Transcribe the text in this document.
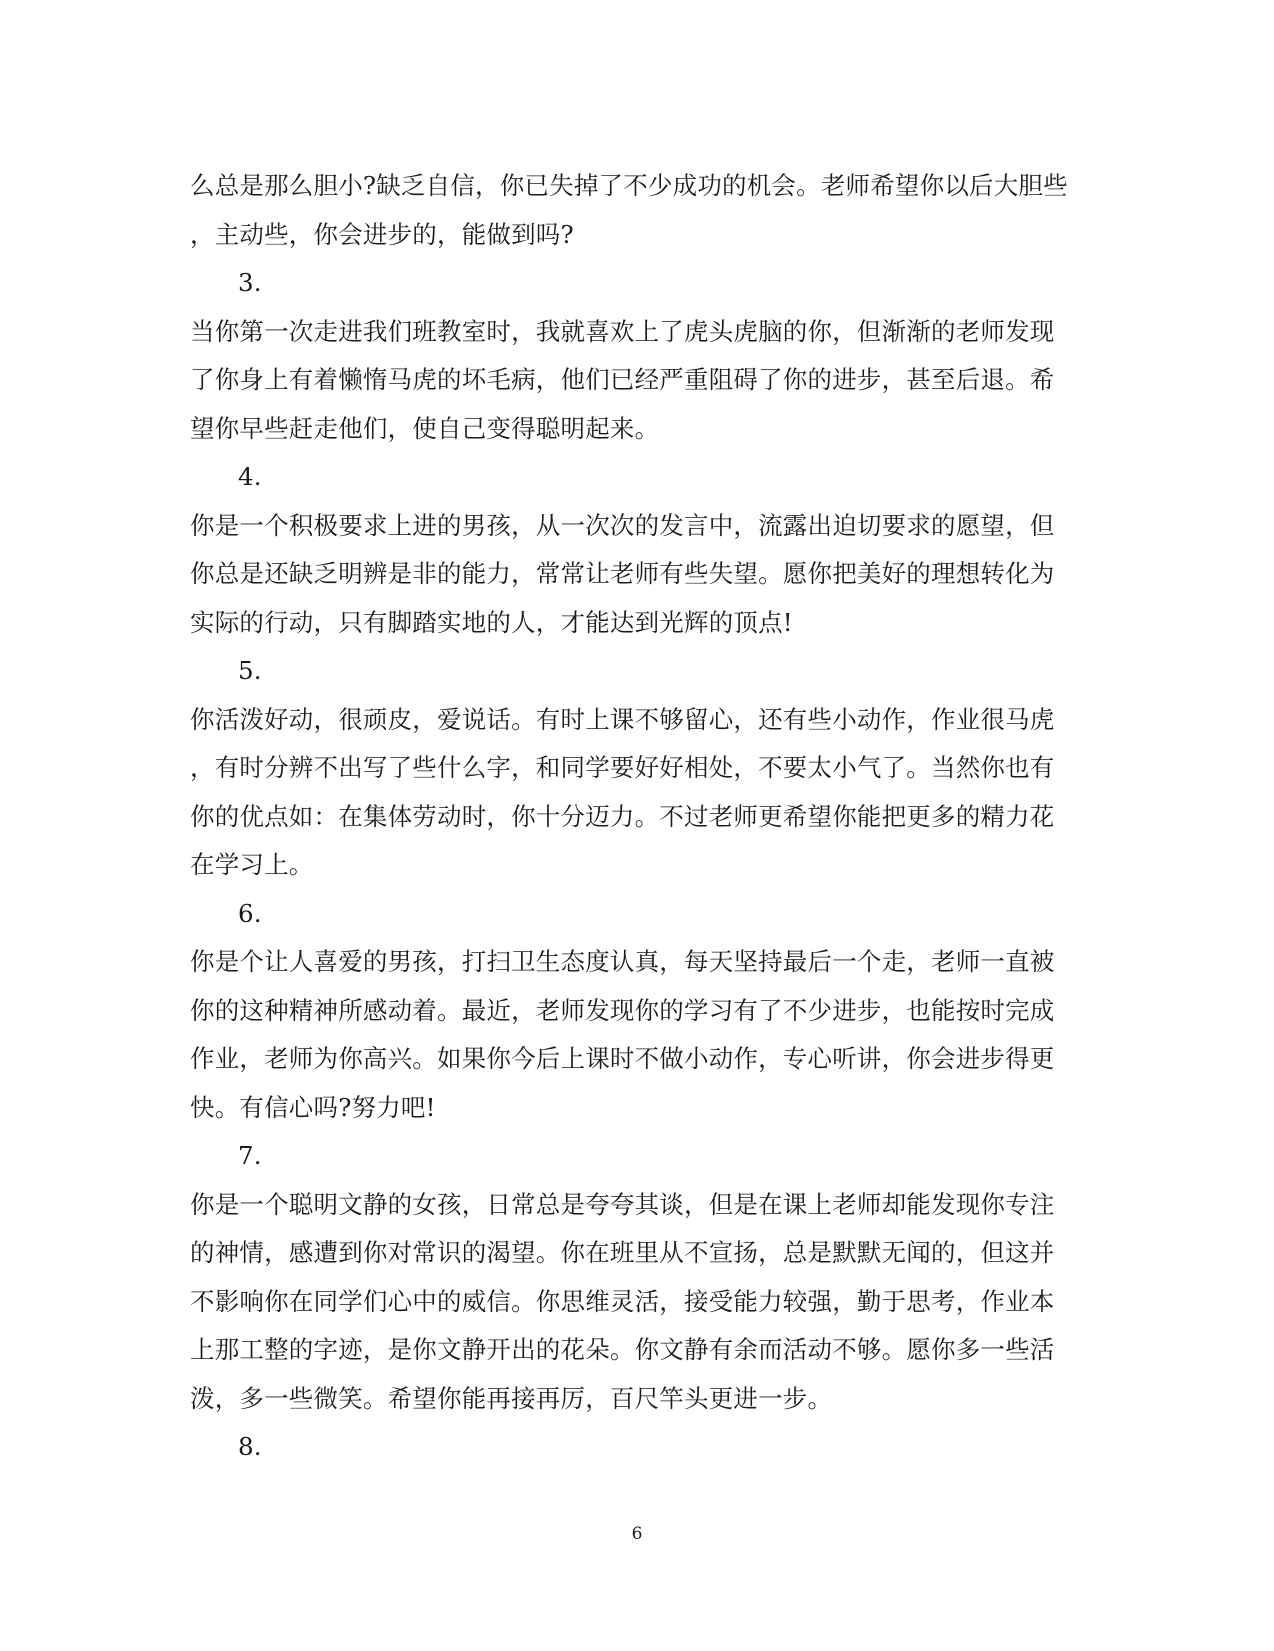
么总是那么胆小?缺乏自信，你已失掉了不少成功的机会。老师希望你以后大胆些
，主动些，你会进步的，能做到吗?
3.
当你第一次走进我们班教室时，我就喜欢上了虎头虎脑的你，但渐渐的老师发现
了你身上有着懒惰马虎的坏毛病，他们已经严重阻碍了你的进步，甚至后退。希
望你早些赶走他们，使自己变得聪明起来。
4.
你是一个积极要求上进的男孩，从一次次的发言中，流露出迫切要求的愿望，但
你总是还缺乏明辨是非的能力，常常让老师有些失望。愿你把美好的理想转化为
实际的行动，只有脚踏实地的人，才能达到光辉的顶点!
5.
你活泼好动，很顽皮，爱说话。有时上课不够留心，还有些小动作，作业很马虎
，有时分辨不出写了些什么字，和同学要好好相处，不要太小气了。当然你也有
你的优点如：在集体劳动时，你十分迈力。不过老师更希望你能把更多的精力花
在学习上。
6.
你是个让人喜爱的男孩，打扫卫生态度认真，每天坚持最后一个走，老师一直被
你的这种精神所感动着。最近，老师发现你的学习有了不少进步，也能按时完成
作业，老师为你高兴。如果你今后上课时不做小动作，专心听讲，你会进步得更
快。有信心吗?努力吧!
7.
你是一个聪明文静的女孩，日常总是夸夸其谈，但是在课上老师却能发现你专注
的神情，感遭到你对常识的渴望。你在班里从不宣扬，总是默默无闻的，但这并
不影响你在同学们心中的威信。你思维灵活，接受能力较强，勤于思考，作业本
上那工整的字迹，是你文静开出的花朵。你文静有余而活动不够。愿你多一些活
泼，多一些微笑。希望你能再接再厉，百尺竿头更进一步。
8.
6
